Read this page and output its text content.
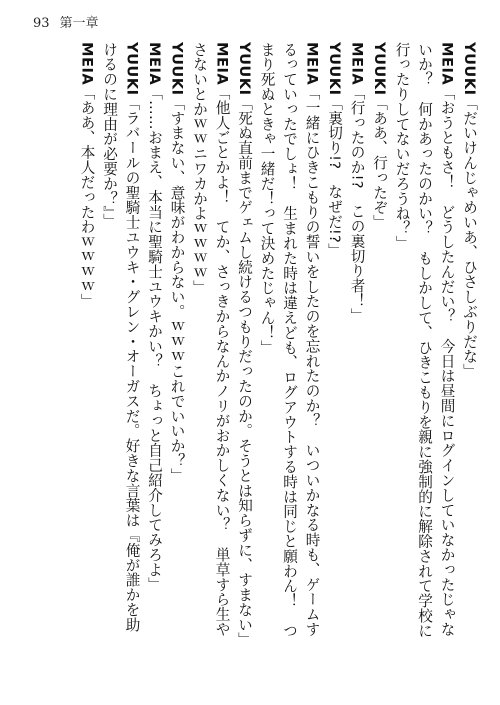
93 第一章
YUUKI「だいけんじゃめいあ、ひさしぶりだな」
MEIA「おうともさ！　どうしたんだい？　今日は昼間にログインしていなかったじゃな
いか？　何かあったのかい？　もしかして、ひきこもりを親に強制的に解除されて学校に
行ったりしてないだろうね？」
YUUKI「ああ、行ったぞ」
MEIA「行ったのか!?　この裏切り者！」
YUUKI「裏切り!?　なぜだ!?」
MEIA「一緒にひきこもりの誓いをしたのを忘れたのか？　いついかなる時も、ゲームす
るっていったでしょ！　生まれた時は違えども、ログアウトする時は同じと願わん！　つ
まり死ぬときゃ一緒だ！って決めたじゃん！」
YUUKI「死ぬ直前までゲェムし続けるつもりだったのか。そうとは知らずに、すまない」
MEIA「他人ごとかよ！　てか、さっきからなんかノリがおかしくない？　単草すら生や
さないとかｗｗニワカかよｗｗｗｗ」
YUUKI「すまない、意味がわからない。ｗｗｗこれでいいか？」
MEIA「……おまえ、本当に聖騎士ユウキかい？　ちょっと自己紹介してみろよ」
YUUKI「ラバールの聖騎士ユウキ・グレン・オーガスだ。好きな言葉は『俺が誰かを助
けるのに理由が必要か？』」
MEIA「ああ、本人だったわｗｗｗｗ」
